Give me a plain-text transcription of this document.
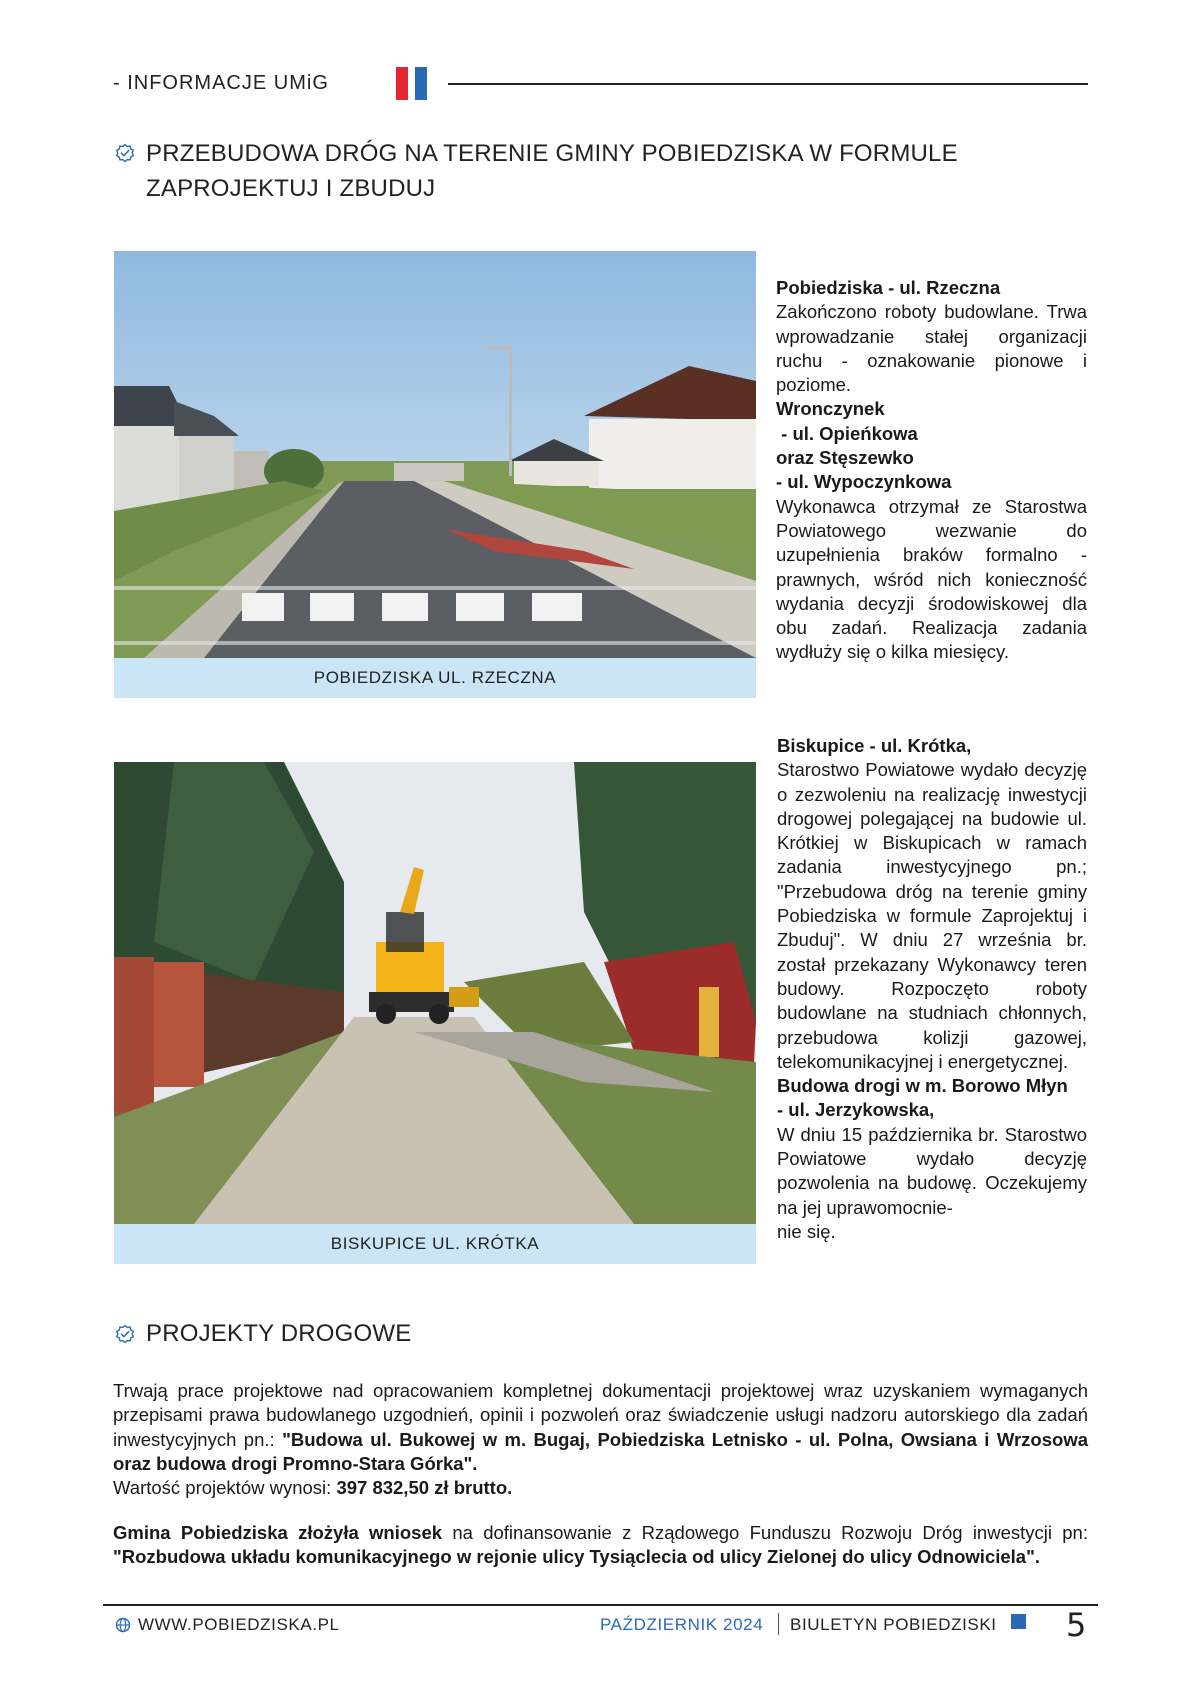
- INFORMACJE UMiG
PRZEBUDOWA DRÓG NA TERENIE GMINY POBIEDZISKA W FORMULE
ZAPROJEKTUJ I ZBUDUJ
POBIEDZISKA UL. RZECZNA
Pobiedziska - ul. Rzeczna

Zakończono roboty budowlane. Trwa wprowadzanie stałej organizacji ruchu - oznakowanie pionowe i poziome.

Wronczynek
- ul. Opieńkowa
oraz Stęszewko
- ul. Wypoczynkowa

Wykonawca otrzymał ze Starostwa Powiatowego wezwanie do uzupełnienia braków formalno - prawnych, wśród nich konieczność wydania decyzji środowiskowej dla obu zadań. Realizacja zadania wydłuży się o kilka miesięcy.

BISKUPICE UL. KRÓTKA
Biskupice - ul. Krótka,

Starostwo Powiatowe wydało decyzję o zezwoleniu na realizację inwestycji drogowej polegającej na budowie ul. Krótkiej w Biskupicach w ramach zadania inwestycyjnego pn.; "Przebudowa dróg na terenie gminy Pobiedziska w formule Zaprojektuj i Zbuduj". W dniu 27 września br. został przekazany Wykonawcy teren budowy. Rozpoczęto roboty budowlane na studniach chłonnych, przebudowa kolizji gazowej, telekomunikacyjnej i energetycznej.

Budowa drogi w m. Borowo Młyn
- ul. Jerzykowska,

W dniu 15 października br. Starostwo Powiatowe wydało decyzję pozwolenia na budowę. Oczekujemy na jej uprawomocnie-

nie się.

PROJEKTY DROGOWE
Trwają prace projektowe nad opracowaniem kompletnej dokumentacji projektowej wraz uzyskaniem wymaganych przepisami prawa budowlanego uzgodnień, opinii i pozwoleń oraz świadczenie usługi nadzoru autorskiego dla zadań inwestycyjnych pn.: "Budowa ul. Bukowej w m. Bugaj, Pobiedziska Letnisko - ul. Polna, Owsiana i Wrzosowa oraz budowa drogi Promno-Stara Górka".
Wartość projektów wynosi: 397 832,50 zł brutto.
Gmina Pobiedziska złożyła wniosek na dofinansowanie z Rządowego Funduszu Rozwoju Dróg inwestycji pn: "Rozbudowa układu komunikacyjnego w rejonie ulicy Tysiąclecia od ulicy Zielonej do ulicy Odnowiciela".
WWW.POBIEDZISKA.PL	PAŹDZIERNIK 2024 BIULETYN POBIEDZISKI 5
